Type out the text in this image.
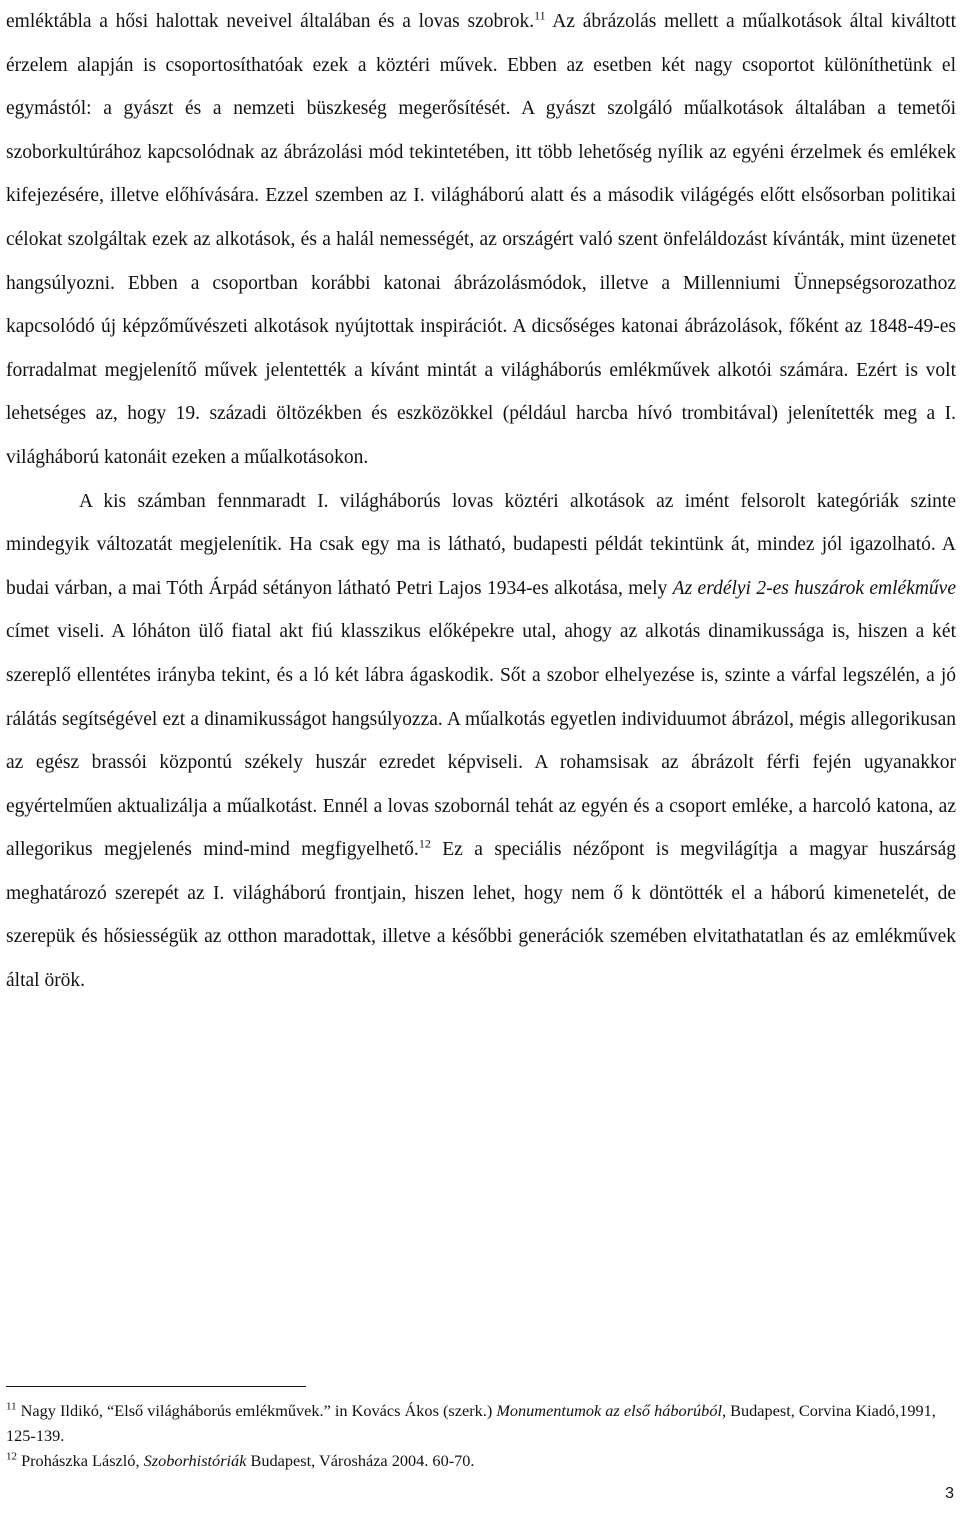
emléktábla a hősi halottak neveivel általában és a lovas szobrok.$^{11}$ Az ábrázolás mellett a műalkotások által kiváltott érzelem alapján is csoportosíthatóak ezek a köztéri művek. Ebben az esetben két nagy csoportot különíthetünk el egymástól: a gyászt és a nemzeti büszkeség megerősítését. A gyászt szolgáló műalkotások általában a temetői szoborkultúrához kapcsolódnak az ábrázolási mód tekintetében, itt több lehetőség nyílik az egyéni érzelmek és emlékek kifejezésére, illetve előhívására. Ezzel szemben az I. világháború alatt és a második világégés előtt elsősorban politikai célokat szolgáltak ezek az alkotások, és a halál nemességét, az országért való szent önfeláldozást kívánták, mint üzenetet hangsúlyozni. Ebben a csoportban korábbi katonai ábrázolásmódok, illetve a Millenniumi Ünnepségsorozathoz kapcsolódó új képzőművészeti alkotások nyújtottak inspirációt. A dicsőséges katonai ábrázolások, főként az 1848-49-es forradalmat megjelenítő művek jelentették a kívánt mintát a világháborús emlékművek alkotói számára. Ezért is volt lehetséges az, hogy 19. századi öltözékben és eszközökkel (például harcba hívó trombitával) jelenítették meg a I. világháború katonáit ezeken a műalkotásokon.

A kis számban fennmaradt I. világháborús lovas köztéri alkotások az imént felsorolt kategóriák szinte mindegyik változatát megjelenítik. Ha csak egy ma is látható, budapesti példát tekintünk át, mindez jól igazolható. A budai várban, a mai Tóth Árpád sétányon látható Petri Lajos 1934-es alkotása, mely Az erdélyi 2-es huszárok emlékműve címet viseli. A lóháton ülő fiatal akt fiú klasszikus előképekre utal, ahogy az alkotás dinamikussága is, hiszen a két szereplő ellentétes irányba tekint, és a ló két lábra ágaskodik. Sőt a szobor elhelyezése is, szinte a várfal legszélén, a jó rálátás segítségével ezt a dinamikusságot hangsúlyozza. A műalkotás egyetlen individuumot ábrázol, mégis allegorikusan az egész brassói központú székely huszár ezredet képviseli. A rohamsisak az ábrázolt férfi fején ugyanakkor egyértelműen aktualizálja a műalkotást. Ennél a lovas szobornál tehát az egyén és a csoport emléke, a harcoló katona, az allegorikus megjelenés mind-mind megfigyelhető.$^{12}$ Ez a speciális nézőpont is megvilágítja a magyar huszárság meghatározó szerepét az I. világháború frontjain, hiszen lehet, hogy nem ő k döntötték el a háború kimenetelét, de szerepük és hősiességük az otthon maradottak, illetve a későbbi generációk szemében elvitathatatlan és az emlékművek által örök.

$^{11}$ Nagy Ildikó, “Első világháborús emlékművek.” in Kovács Ákos (szerk.) Monumentumok az első háborúból, Budapest, Corvina Kiadó,1991, 125-139.

$^{12}$ Prohászka László, Szoborhistóriák Budapest, Városháza 2004. 60-70.

3
